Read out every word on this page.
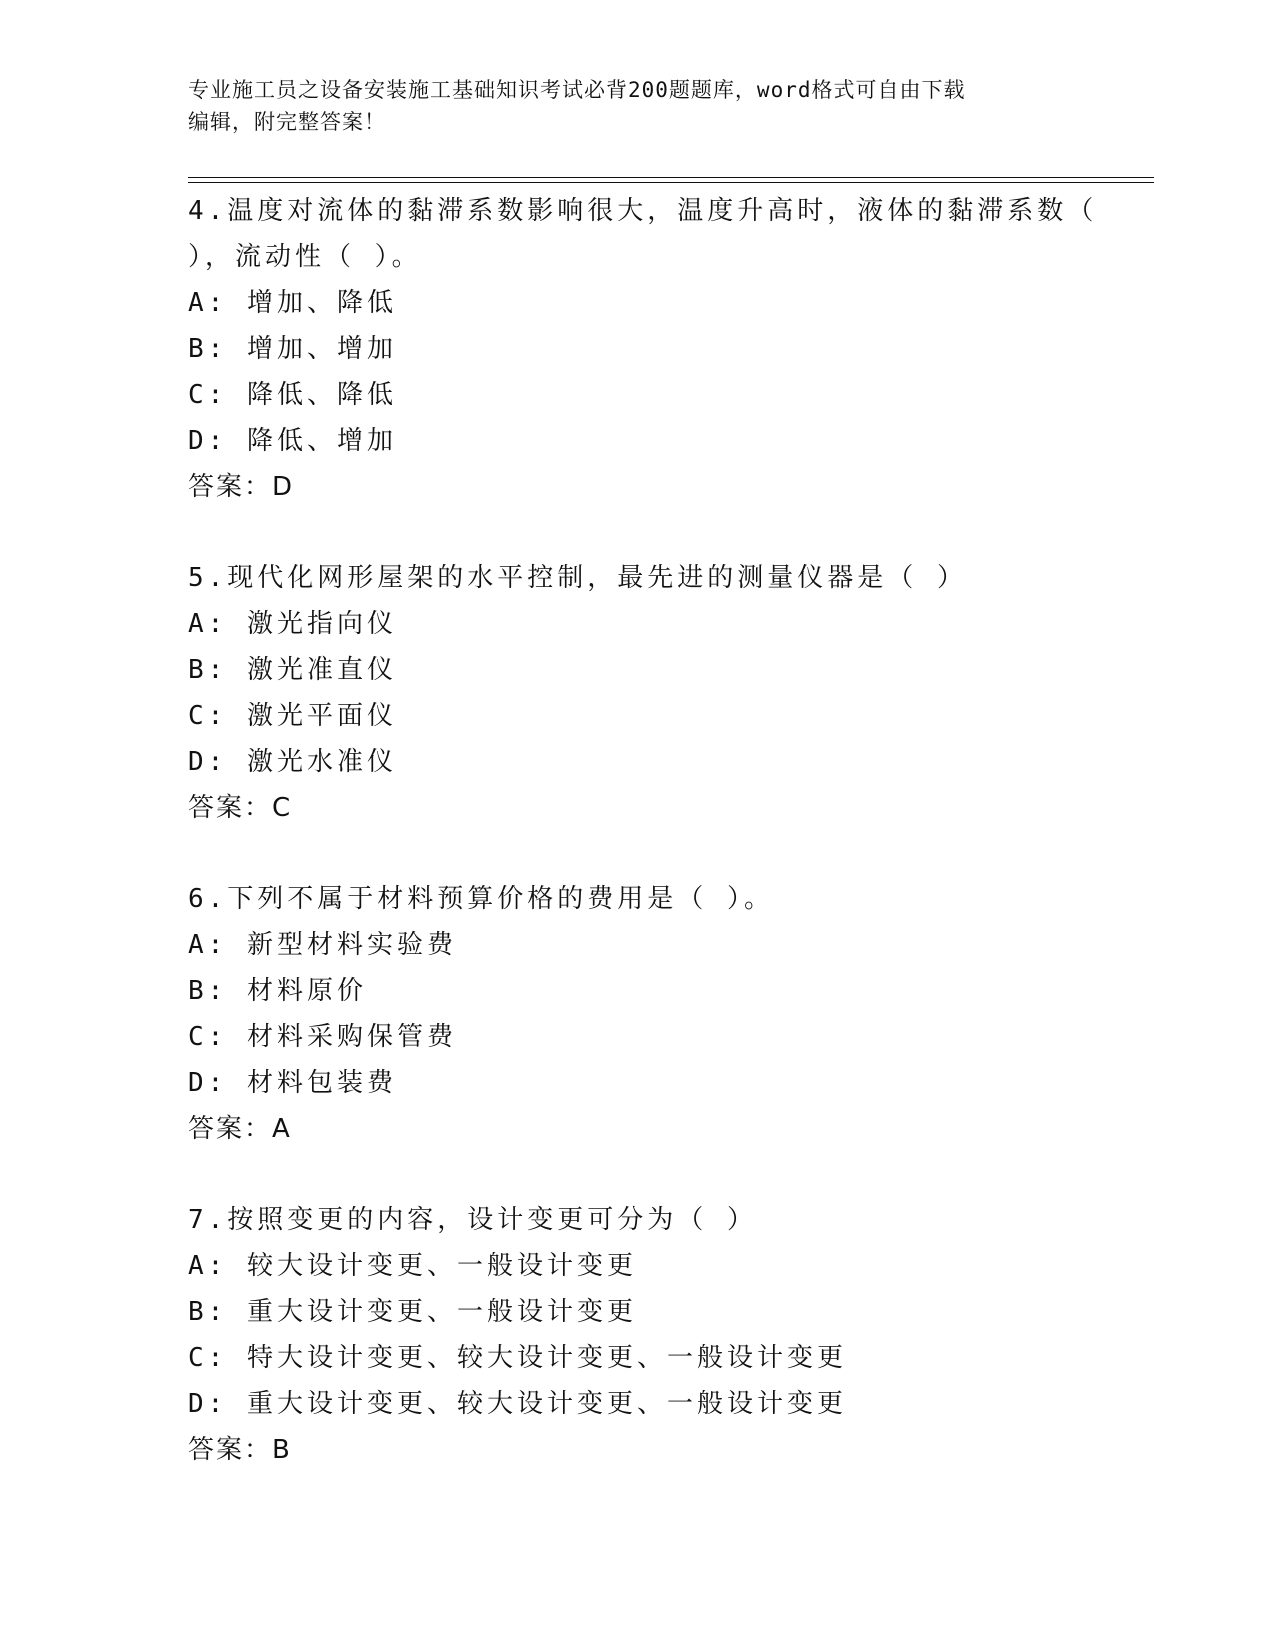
专业施工员之设备安装施工基础知识考试必背200题题库，word格式可自由下载
编辑，附完整答案！
4.温度对流体的黏滞系数影响很大，温度升高时，液体的黏滞系数（
），流动性（ ）。
A: 增加、降低
B: 增加、增加
C: 降低、降低
D: 降低、增加
答案：D
5.现代化网形屋架的水平控制，最先进的测量仪器是（ ）
A: 激光指向仪
B: 激光准直仪
C: 激光平面仪
D: 激光水准仪
答案：C
6.下列不属于材料预算价格的费用是（ ）。
A: 新型材料实验费
B: 材料原价
C: 材料采购保管费
D: 材料包装费
答案：A
7.按照变更的内容，设计变更可分为（ ）
A: 较大设计变更、一般设计变更
B: 重大设计变更、一般设计变更
C: 特大设计变更、较大设计变更、一般设计变更
D: 重大设计变更、较大设计变更、一般设计变更
答案：B
